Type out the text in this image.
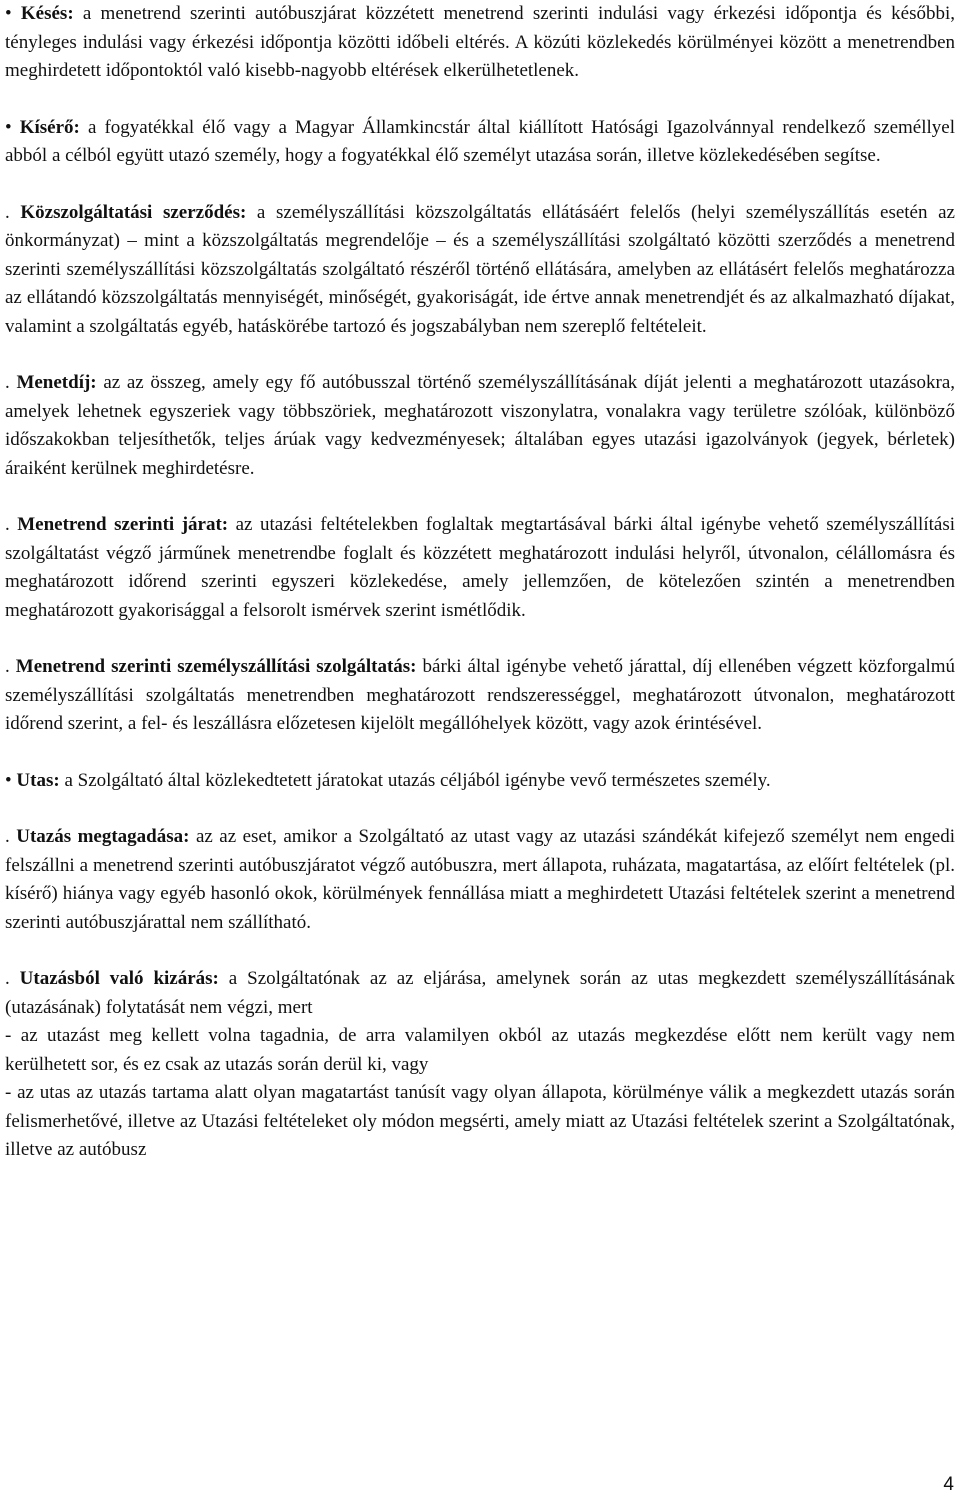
• Késés: a menetrend szerinti autóbuszjárat közzétett menetrend szerinti indulási vagy érkezési időpontja és későbbi, tényleges indulási vagy érkezési időpontja közötti időbeli eltérés. A közúti közlekedés körülményei között a menetrendben meghirdetett időpontoktól való kisebb-nagyobb eltérések elkerülhetetlenek.

• Kísérő: a fogyatékkal élő vagy a Magyar Államkincstár által kiállított Hatósági Igazolvánnyal rendelkező személlyel abból a célból együtt utazó személy, hogy a fogyatékkal élő személyt utazása során, illetve közlekedésében segítse.

. Közszolgáltatási szerződés: a személyszállítási közszolgáltatás ellátásáért felelős (helyi személyszállítás esetén az önkormányzat) – mint a közszolgáltatás megrendelője – és a személyszállítási szolgáltató közötti szerződés a menetrend szerinti személyszállítási közszolgáltatás szolgáltató részéről történő ellátására, amelyben az ellátásért felelős meghatározza az ellátandó közszolgáltatás mennyiségét, minőségét, gyakoriságát, ide értve annak menetrendjét és az alkalmazható díjakat, valamint a szolgáltatás egyéb, hatáskörébe tartozó és jogszabályban nem szereplő feltételeit.

. Menetdíj: az az összeg, amely egy fő autóbusszal történő személyszállításának díját jelenti a meghatározott utazásokra, amelyek lehetnek egyszeriek vagy többszöriek, meghatározott viszonylatra, vonalakra vagy területre szólóak, különböző időszakokban teljesíthetők, teljes árúak vagy kedvezményesek; általában egyes utazási igazolványok (jegyek, bérletek) áraiként kerülnek meghirdetésre.

. Menetrend szerinti járat: az utazási feltételekben foglaltak megtartásával bárki által igénybe vehető személyszállítási szolgáltatást végző járműnek menetrendbe foglalt és közzétett meghatározott indulási helyről, útvonalon, célállomásra és meghatározott időrend szerinti egyszeri közlekedése, amely jellemzően, de kötelezően szintén a menetrendben meghatározott gyakorisággal a felsorolt ismérvek szerint ismétlődik.

. Menetrend szerinti személyszállítási szolgáltatás: bárki által igénybe vehető járattal, díj ellenében végzett közforgalmú személyszállítási szolgáltatás menetrendben meghatározott rendszerességgel, meghatározott útvonalon, meghatározott időrend szerint, a fel- és leszállásra előzetesen kijelölt megállóhelyek között, vagy azok érintésével.

• Utas: a Szolgáltató által közlekedtetett járatokat utazás céljából igénybe vevő természetes személy.

. Utazás megtagadása: az az eset, amikor a Szolgáltató az utast vagy az utazási szándékát kifejező személyt nem engedi felszállni a menetrend szerinti autóbuszjáratot végző autóbuszra, mert állapota, ruházata, magatartása, az előírt feltételek (pl. kísérő) hiánya vagy egyéb hasonló okok, körülmények fennállása miatt a meghirdetett Utazási feltételek szerint a menetrend szerinti autóbuszjárattal nem szállítható.

. Utazásból való kizárás: a Szolgáltatónak az az eljárása, amelynek során az utas megkezdett személyszállításának (utazásának) folytatását nem végzi, mert

- az utazást meg kellett volna tagadnia, de arra valamilyen okból az utazás megkezdése előtt nem került vagy nem kerülhetett sor, és ez csak az utazás során derül ki, vagy

- az utas az utazás tartama alatt olyan magatartást tanúsít vagy olyan állapota, körülménye válik a megkezdett utazás során felismerhetővé, illetve az Utazási feltételeket oly módon megsérti, amely miatt az Utazási feltételek szerint a Szolgáltatónak, illetve az autóbusz

4
